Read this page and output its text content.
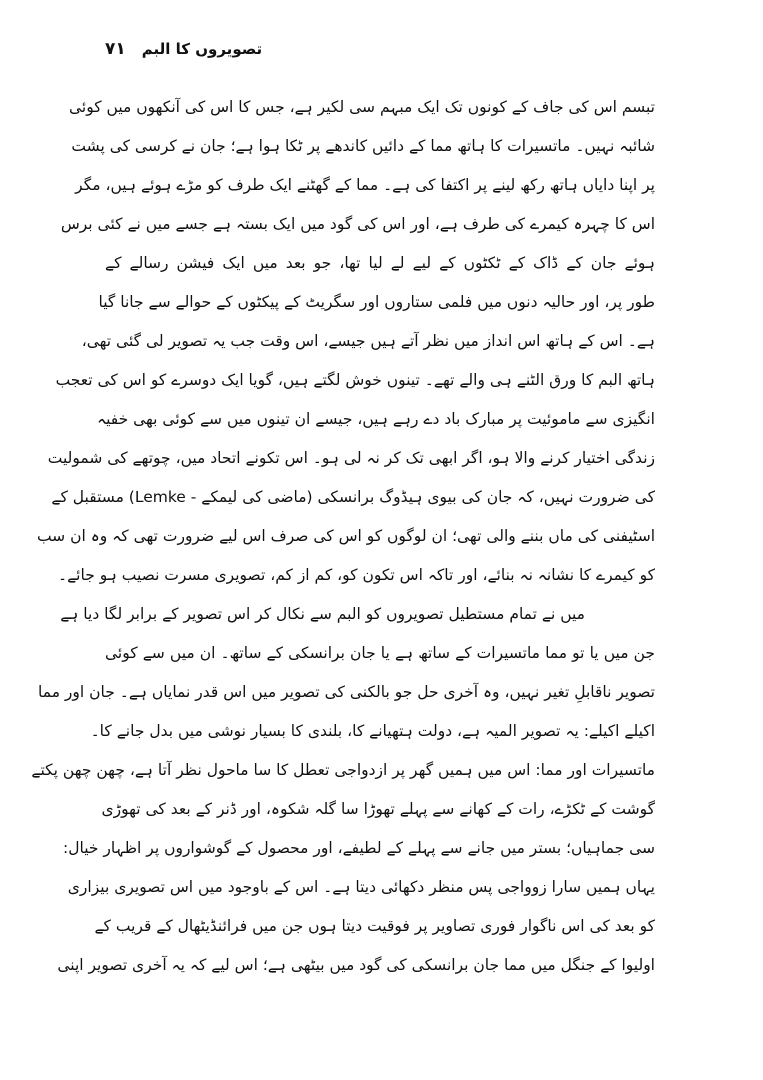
تصویروں کا البم
۷۱
تبسم اس کی جاف کے کونوں تک ایک مبہم سی لکیر ہے، جس کا اس کی آنکھوں میں کوئی
شائبہ نہیں۔ ماتسیرات کا ہاتھ مما کے دائیں کاندھے پر ٹکا ہوا ہے؛ جان نے کرسی کی پشت
پر اپنا دایاں ہاتھ رکھ لینے پر اکتفا کی ہے۔ مما کے گھٹنے ایک طرف کو مڑے ہوئے ہیں، مگر
اس کا چہرہ کیمرے کی طرف ہے، اور اس کی گود میں ایک بستہ ہے جسے میں نے کئی برس
ہوئے جان کے ڈاک کے ٹکٹوں کے لیے لے لیا تھا، جو بعد میں ایک فیشن رسالے کے
طور پر، اور حالیہ دنوں میں فلمی ستاروں اور سگریٹ کے پیکٹوں کے حوالے سے جانا گیا
ہے۔ اس کے ہاتھ اس انداز میں نظر آتے ہیں جیسے، اس وقت جب یہ تصویر لی گئی تھی،
ہاتھ البم کا ورق الٹنے ہی والے تھے۔ تینوں خوش لگتے ہیں، گویا ایک دوسرے کو اس کی تعجب
انگیزی سے ماموئیت پر مبارک باد دے رہے ہیں، جیسے ان تینوں میں سے کوئی بھی خفیہ
زندگی اختیار کرنے والا ہو، اگر ابھی تک کر نہ لی ہو۔ اس تکونے اتحاد میں، چوتھے کی شمولیت
کی ضرورت نہیں، کہ جان کی بیوی ہیڈوگ برانسکی (ماضی کی لیمکے - Lemke) مستقبل کے
اسٹیفنی کی ماں بننے والی تھی؛ ان لوگوں کو اس کی صرف اس لیے ضرورت تھی کہ وہ ان سب
کو کیمرے کا نشانہ نہ بنائے، اور تاکہ اس تکون کو، کم از کم، تصویری مسرت نصیب ہو جائے۔
میں نے تمام مستطیل تصویروں کو البم سے نکال کر اس تصویر کے برابر لگا دیا ہے
جن میں یا تو مما ماتسیرات کے ساتھ ہے یا جان برانسکی کے ساتھ۔ ان میں سے کوئی
تصویر ناقابلِ تغیر نہیں، وہ آخری حل جو بالکنی کی تصویر میں اس قدر نمایاں ہے۔ جان اور مما
اکیلے اکیلے: یہ تصویر المیہ ہے، دولت ہتھیانے کا، بلندی کا بسیار نوشی میں بدل جانے کا۔
ماتسیرات اور مما: اس میں ہمیں گھر پر ازدواجی تعطل کا سا ماحول نظر آتا ہے، چھن چھن پکتے
گوشت کے ٹکڑے، رات کے کھانے سے پہلے تھوڑا سا گلہ شکوہ، اور ڈنر کے بعد کی تھوڑی
سی جماہیاں؛ بستر میں جانے سے پہلے کے لطیفے، اور محصول کے گوشواروں پر اظہار خیال:
یہاں ہمیں سارا زوواجی پس منظر دکھائی دیتا ہے۔ اس کے باوجود میں اس تصویری بیزاری
کو بعد کی اس ناگوار فوری تصاویر پر فوقیت دیتا ہوں جن میں فرائنڈیٹھال کے قریب کے
اولیوا کے جنگل میں مما جان برانسکی کی گود میں بیٹھی ہے؛ اس لیے کہ یہ آخری تصویر اپنی
